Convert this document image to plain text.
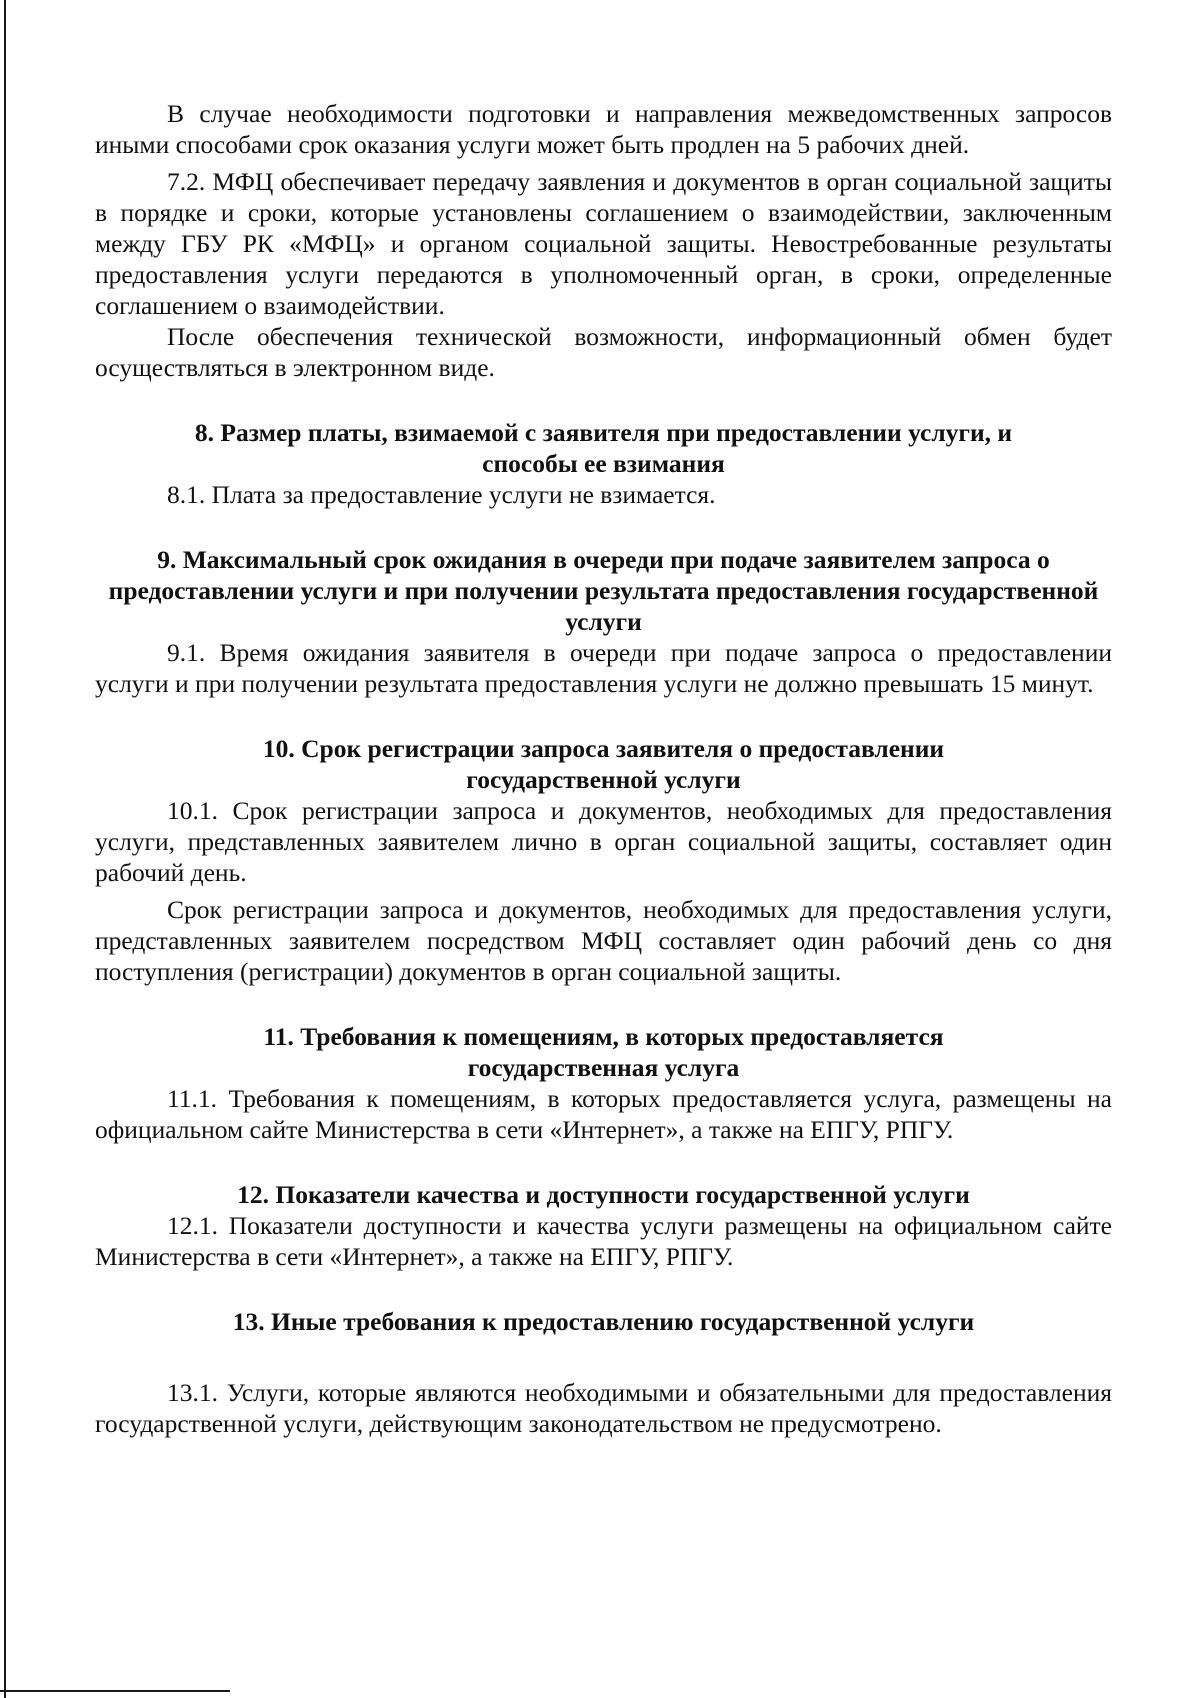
В случае необходимости подготовки и направления межведомственных запросов иными способами срок оказания услуги может быть продлен на 5 рабочих дней.

7.2. МФЦ обеспечивает передачу заявления и документов в орган социальной защиты в порядке и сроки, которые установлены соглашением о взаимодействии, заключенным между ГБУ РК «МФЦ» и органом социальной защиты. Невостребованные результаты предоставления услуги передаются в уполномоченный орган, в сроки, определенные соглашением о взаимодействии.

После обеспечения технической возможности, информационный обмен будет осуществляться в электронном виде.

8. Размер платы, взимаемой с заявителя при предоставлении услуги, и способы ее взимания

8.1. Плата за предоставление услуги не взимается.

9. Максимальный срок ожидания в очереди при подаче заявителем запроса о предоставлении услуги и при получении результата предоставления государственной услуги

9.1. Время ожидания заявителя в очереди при подаче запроса о предоставлении услуги и при получении результата предоставления услуги не должно превышать 15 минут.

10. Срок регистрации запроса заявителя о предоставлении государственной услуги

10.1. Срок регистрации запроса и документов, необходимых для предоставления услуги, представленных заявителем лично в орган социальной защиты, составляет один рабочий день.

Срок регистрации запроса и документов, необходимых для предоставления услуги, представленных заявителем посредством МФЦ составляет один рабочий день со дня поступления (регистрации) документов в орган социальной защиты.

11. Требования к помещениям, в которых предоставляется государственная услуга

11.1. Требования к помещениям, в которых предоставляется услуга, размещены на официальном сайте Министерства в сети «Интернет», а также на ЕПГУ, РПГУ.

12. Показатели качества и доступности государственной услуги

12.1. Показатели доступности и качества услуги размещены на официальном сайте Министерства в сети «Интернет», а также на ЕПГУ, РПГУ.

13. Иные требования к предоставлению государственной услуги

13.1. Услуги, которые являются необходимыми и обязательными для предоставления государственной услуги, действующим законодательством не предусмотрено.
